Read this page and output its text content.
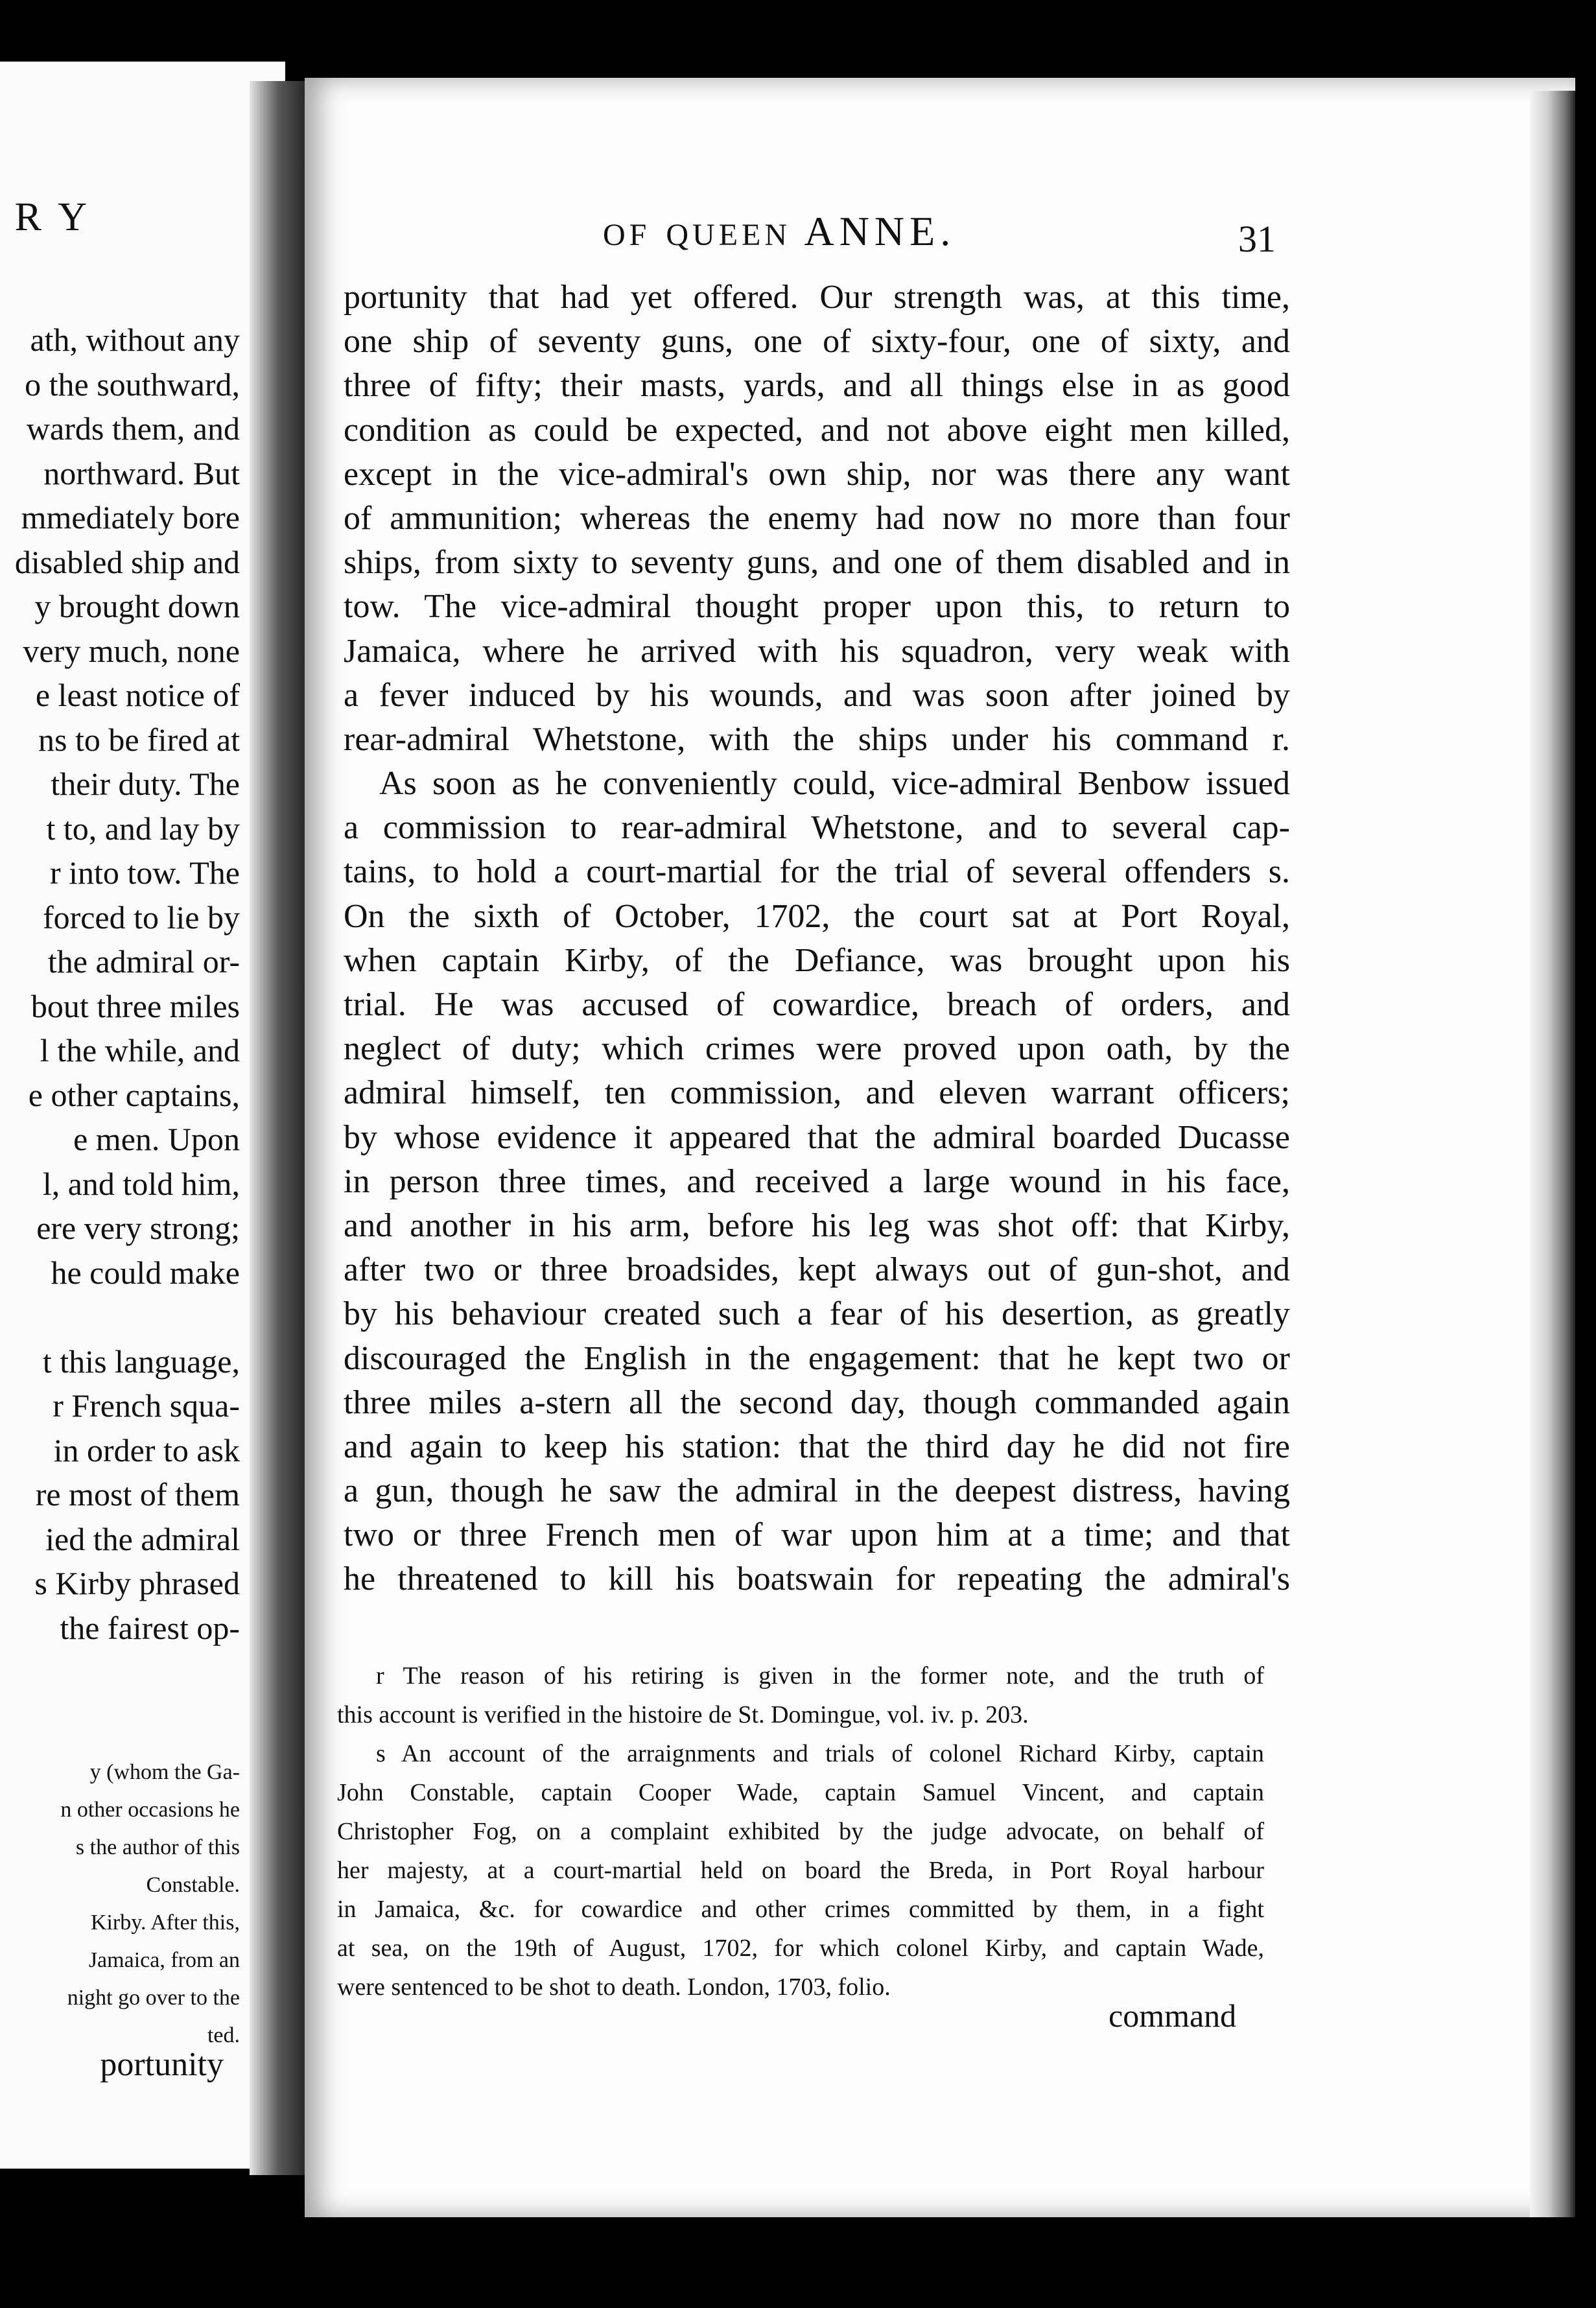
R Y
ath, without any
o the southward,
wards them, and
northward. But
mmediately bore
disabled ship and
y brought down
very much, none
e least notice of
ns to be fired at
their duty. The
t to, and lay by
r into tow. The
forced to lie by
the admiral or-
bout three miles
l the while, and
e other captains,
e men. Upon
l, and told him,
ere very strong;
he could make
t this language,
r French squa-
in order to ask
re most of them
ied the admiral
s Kirby phrased
the fairest op-
y (whom the Ga-
n other occasions he
s the author of this
Constable.
Kirby. After this,
Jamaica, from an
night go over to the
ted.
portunity
OF QUEEN ANNE.	31
portunity that had yet offered. Our strength was, at this time,
one ship of seventy guns, one of sixty-four, one of sixty, and
three of fifty; their masts, yards, and all things else in as good
condition as could be expected, and not above eight men killed,
except in the vice-admiral's own ship, nor was there any want
of ammunition; whereas the enemy had now no more than four
ships, from sixty to seventy guns, and one of them disabled and in
tow. The vice-admiral thought proper upon this, to return to
Jamaica, where he arrived with his squadron, very weak with
a fever induced by his wounds, and was soon after joined by
rear-admiral Whetstone, with the ships under his command r.
As soon as he conveniently could, vice-admiral Benbow issued
a commission to rear-admiral Whetstone, and to several cap-
tains, to hold a court-martial for the trial of several offenders s.
On the sixth of October, 1702, the court sat at Port Royal,
when captain Kirby, of the Defiance, was brought upon his
trial. He was accused of cowardice, breach of orders, and
neglect of duty; which crimes were proved upon oath, by the
admiral himself, ten commission, and eleven warrant officers;
by whose evidence it appeared that the admiral boarded Ducasse
in person three times, and received a large wound in his face,
and another in his arm, before his leg was shot off: that Kirby,
after two or three broadsides, kept always out of gun-shot, and
by his behaviour created such a fear of his desertion, as greatly
discouraged the English in the engagement: that he kept two or
three miles a-stern all the second day, though commanded again
and again to keep his station: that the third day he did not fire
a gun, though he saw the admiral in the deepest distress, having
two or three French men of war upon him at a time; and that
he threatened to kill his boatswain for repeating the admiral's
r The reason of his retiring is given in the former note, and the truth of
this account is verified in the histoire de St. Domingue, vol. iv. p. 203.
s An account of the arraignments and trials of colonel Richard Kirby, captain
John Constable, captain Cooper Wade, captain Samuel Vincent, and captain
Christopher Fog, on a complaint exhibited by the judge advocate, on behalf of
her majesty, at a court-martial held on board the Breda, in Port Royal harbour
in Jamaica, &c. for cowardice and other crimes committed by them, in a fight
at sea, on the 19th of August, 1702, for which colonel Kirby, and captain Wade,
were sentenced to be shot to death. London, 1703, folio.
command
